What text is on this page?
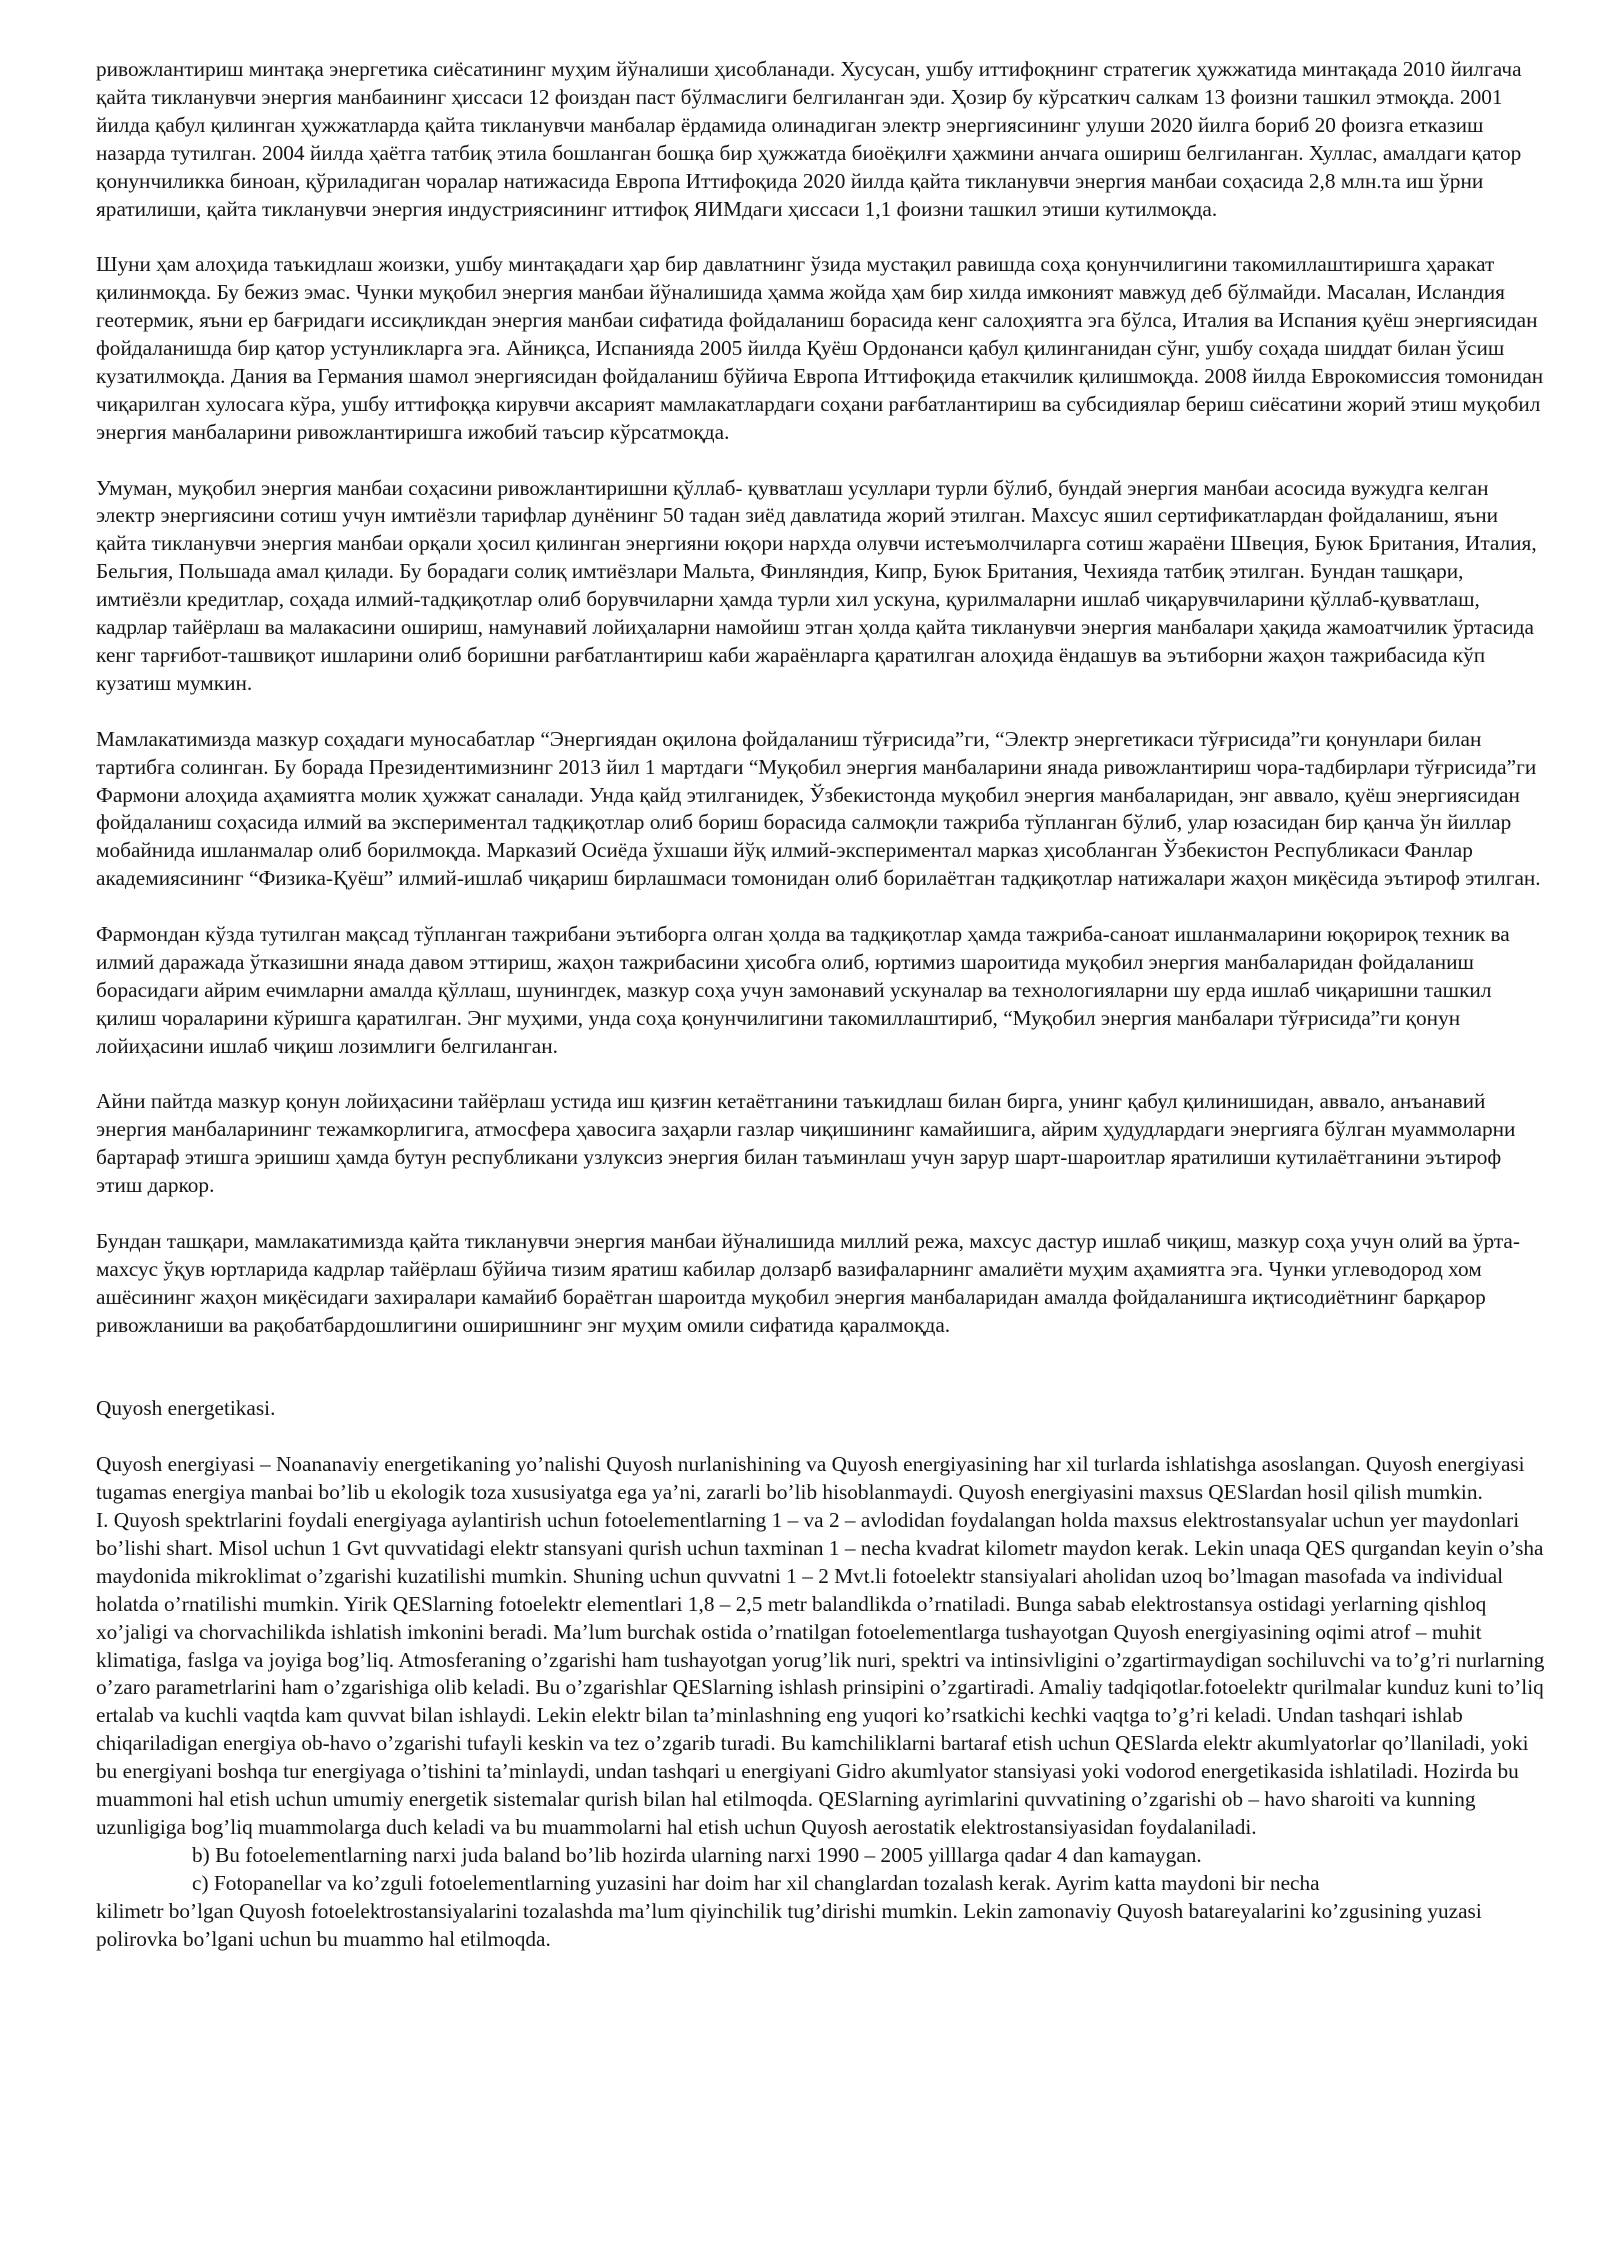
ривожлантириш минтақа энергетика сиёсатининг муҳим йўналиши ҳисобланади. Хусусан, ушбу иттифоқнинг стратегик ҳужжатида минтақада 2010 йилгача қайта тикланувчи энергия манбаининг ҳиссаси 12 фоиздан паст бўлмаслиги белгиланган эди. Ҳозир бу кўрсаткич салкам 13 фоизни ташкил этмоқда. 2001 йилда қабул қилинган ҳужжатларда қайта тикланувчи манбалар ёрдамида олинадиган электр энергиясининг улуши 2020 йилга бориб 20 фоизга етказиш назарда тутилган. 2004 йилда ҳаётга татбиқ этила бошланган бошқа бир ҳужжатда биоёқилғи ҳажмини анчага ошириш белгиланган. Хуллас, амалдаги қатор қонунчиликка биноан, қўриладиган чоралар натижасида Европа Иттифоқида 2020 йилда қайта тикланувчи энергия манбаи соҳасида 2,8 млн.та иш ўрни яратилиши, қайта тикланувчи энергия индустриясининг иттифоқ ЯИМдаги ҳиссаси 1,1 фоизни ташкил этиши кутилмоқда.

Шуни ҳам алоҳида таъкидлаш жоизки, ушбу минтақадаги ҳар бир давлатнинг ўзида мустақил равишда соҳа қонунчилигини такомиллаштиришга ҳаракат қилинмоқда. Бу бежиз эмас. Чунки муқобил энергия манбаи йўналишида ҳамма жойда ҳам бир хилда имконият мавжуд деб бўлмайди. Масалан, Исландия геотермик, яъни ер бағридаги иссиқликдан энергия манбаи сифатида фойдаланиш борасида кенг салоҳиятга эга бўлса, Италия ва Испания қуёш энергиясидан фойдаланишда бир қатор устунликларга эга. Айниқса, Испанияда 2005 йилда Қуёш Ордонанси қабул қилинганидан сўнг, ушбу соҳада шиддат билан ўсиш кузатилмоқда. Дания ва Германия шамол энергиясидан фойдаланиш бўйича Европа Иттифоқида етакчилик қилишмоқда. 2008 йилда Еврокомиссия томонидан чиқарилган хулосага кўра, ушбу иттифоққа кирувчи аксарият мамлакатлардаги соҳани рағбатлантириш ва субсидиялар бериш сиёсатини жорий этиш муқобил энергия манбаларини ривожлантиришга ижобий таъсир кўрсатмоқда.

Умуман, муқобил энергия манбаи соҳасини ривожлантиришни қўллаб- қувватлаш усуллари турли бўлиб, бундай энергия манбаи асосида вужудга келган электр энергиясини сотиш учун имтиёзли тарифлар дунёнинг 50 тадан зиёд давлатида жорий этилган. Махсус яшил сертификатлардан фойдаланиш, яъни қайта тикланувчи энергия манбаи орқали ҳосил қилинган энергияни юқори нархда олувчи истеъмолчиларга сотиш жараёни Швеция, Буюк Британия, Италия, Бельгия, Польшада амал қилади. Бу борадаги солиқ имтиёзлари Мальта, Финляндия, Кипр, Буюк Британия, Чехияда татбиқ этилган. Бундан ташқари, имтиёзли кредитлар, соҳада илмий-тадқиқотлар олиб борувчиларни ҳамда турли хил ускуна, қурилмаларни ишлаб чиқарувчиларини қўллаб-қувватлаш, кадрлар тайёрлаш ва малакасини ошириш, намунавий лойиҳаларни намойиш этган ҳолда қайта тикланувчи энергия манбалари ҳақида жамоатчилик ўртасида кенг тарғибот-ташвиқот ишларини олиб боришни рағбатлантириш каби жараёнларга қаратилган алоҳида ёндашув ва эътиборни жаҳон тажрибасида кўп кузатиш мумкин.

Мамлакатимизда мазкур соҳадаги муносабатлар “Энергиядан оқилона фойдаланиш тўғрисида”ги, “Электр энергетикаси тўғрисида”ги қонунлари билан тартибга солинган. Бу борада Президентимизнинг 2013 йил 1 мартдаги “Муқобил энергия манбаларини янада ривожлантириш чора-тадбирлари тўғрисида”ги Фармони алоҳида аҳамиятга молик ҳужжат саналади. Унда қайд этилганидек, Ўзбекистонда муқобил энергия манбаларидан, энг аввало, қуёш энергиясидан фойдаланиш соҳасида илмий ва экспериментал тадқиқотлар олиб бориш борасида салмоқли тажриба тўпланган бўлиб, улар юзасидан бир қанча ўн йиллар мобайнида ишланмалар олиб борилмоқда. Марказий Осиёда ўхшаши йўқ илмий-экспериментал марказ ҳисобланган Ўзбекистон Республикаси Фанлар академиясининг “Физика-Қуёш” илмий-ишлаб чиқариш бирлашмаси томонидан олиб борилаётган тадқиқотлар натижалари жаҳон миқёсида эътироф этилган.

Фармондан кўзда тутилган мақсад тўпланган тажрибани эътиборга олган ҳолда ва тадқиқотлар ҳамда тажриба-саноат ишланмаларини юқорироқ техник ва илмий даражада ўтказишни янада давом эттириш, жаҳон тажрибасини ҳисобга олиб, юртимиз шароитида муқобил энергия манбаларидан фойдаланиш борасидаги айрим ечимларни амалда қўллаш, шунингдек, мазкур соҳа учун замонавий ускуналар ва технологияларни шу ерда ишлаб чиқаришни ташкил қилиш чораларини кўришга қаратилган. Энг муҳими, унда соҳа қонунчилигини такомиллаштириб, “Муқобил энергия манбалари тўғрисида”ги қонун лойиҳасини ишлаб чиқиш лозимлиги белгиланган.

Айни пайтда мазкур қонун лойиҳасини тайёрлаш устида иш қизғин кетаётганини таъкидлаш билан бирга, унинг қабул қилинишидан, аввало, анъанавий энергия манбаларининг тежамкорлигига, атмосфера ҳавосига заҳарли газлар чиқишининг камайишига, айрим ҳудудлардаги энергияга бўлган муаммоларни бартараф этишга эришиш ҳамда бутун республикани узлуксиз энергия билан таъминлаш учун зарур шарт-шароитлар яратилиши кутилаётганини эътироф этиш даркор.

Бундан ташқари, мамлакатимизда қайта тикланувчи энергия манбаи йўналишида миллий режа, махсус дастур ишлаб чиқиш, мазкур соҳа учун олий ва ўрта-махсус ўқув юртларида кадрлар тайёрлаш бўйича тизим яратиш кабилар долзарб вазифаларнинг амалиёти муҳим аҳамиятга эга. Чунки углеводород хом ашёсининг жаҳон миқёсидаги захиралари камайиб бораётган шароитда муқобил энергия манбаларидан амалда фойдаланишга иқтисодиётнинг барқарор ривожланиши ва рақобатбардошлигини оширишнинг энг муҳим омили сифатида қаралмоқда.

Quyosh energetikasi.

Quyosh energiyasi – Noananaviy energetikaning yo’nalishi Quyosh nurlanishining va Quyosh energiyasining har xil turlarda ishlatishga asoslangan. Quyosh energiyasi tugamas energiya manbai bo’lib u ekologik toza xususiyatga ega ya’ni, zararli bo’lib hisoblanmaydi. Quyosh energiyasini maxsus QESlardan hosil qilish mumkin.

I. Quyosh spektrlarini foydali energiyaga aylantirish uchun fotoelementlarning 1 – va 2 – avlodidan foydalangan holda maxsus elektrostansyalar uchun yer maydonlari bo’lishi shart. Misol uchun 1 Gvt quvvatidagi elektr stansyani qurish uchun taxminan 1 – necha kvadrat kilometr maydon kerak. Lekin unaqa QES qurgandan keyin o’sha maydonida mikroklimat o’zgarishi kuzatilishi mumkin. Shuning uchun quvvatni 1 – 2 Mvt.li fotoelektr stansiyalari aholidan uzoq bo’lmagan masofada va individual holatda o’rnatilishi mumkin. Yirik QESlarning fotoelektr elementlari 1,8 – 2,5 metr balandlikda o’rnatiladi. Bunga sabab elektrostansya ostidagi yerlarning qishloq xo’jaligi va chorvachilikda ishlatish imkonini beradi. Ma’lum burchak ostida o’rnatilgan fotoelementlarga tushayotgan Quyosh energiyasining oqimi atrof – muhit klimatiga, faslga va joyiga bog’liq. Atmosferaning o’zgarishi ham tushayotgan yorug’lik nuri, spektri va intinsivligini o’zgartirmaydigan sochiluvchi va to’g’ri nurlarning o’zaro parametrlarini ham o’zgarishiga olib keladi. Bu o’zgarishlar QESlarning ishlash prinsipini o’zgartiradi. Amaliy tadqiqotlar.fotoelektr qurilmalar kunduz kuni to’liq ertalab va kuchli vaqtda kam quvvat bilan ishlaydi. Lekin elektr bilan ta’minlashning eng yuqori ko’rsatkichi kechki vaqtga to’g’ri keladi. Undan tashqari ishlab chiqariladigan energiya ob-havo o’zgarishi tufayli keskin va tez o’zgarib turadi. Bu kamchiliklarni bartaraf etish uchun QESlarda elektr akumlyatorlar qo’llaniladi, yoki bu energiyani boshqa tur energiyaga o’tishini ta’minlaydi, undan tashqari u energiyani Gidro akumlyator stansiyasi yoki vodorod energetikasida ishlatiladi. Hozirda bu muammoni hal etish uchun umumiy energetik sistemalar qurish bilan hal etilmoqda. QESlarning ayrimlarini quvvatining o’zgarishi ob – havo sharoiti va kunning uzunligiga bog’liq muammolarga duch keladi va bu muammolarni hal etish uchun Quyosh aerostatik elektrostansiyasidan foydalaniladi.

b) Bu fotoelementlarning narxi juda baland bo’lib hozirda ularning narxi 1990 – 2005 yilllarga qadar 4 dan kamaygan.

c) Fotopanellar va ko’zguli fotoelementlarning yuzasini har doim har xil changlardan tozalash kerak. Ayrim katta maydoni bir necha

kilimetr bo’lgan Quyosh fotoelektrostansiyalarini tozalashda ma’lum qiyinchilik tug’dirishi mumkin. Lekin zamonaviy Quyosh batareyalarini ko’zgusining yuzasi polirovka bo’lgani uchun bu muammo hal etilmoqda.
